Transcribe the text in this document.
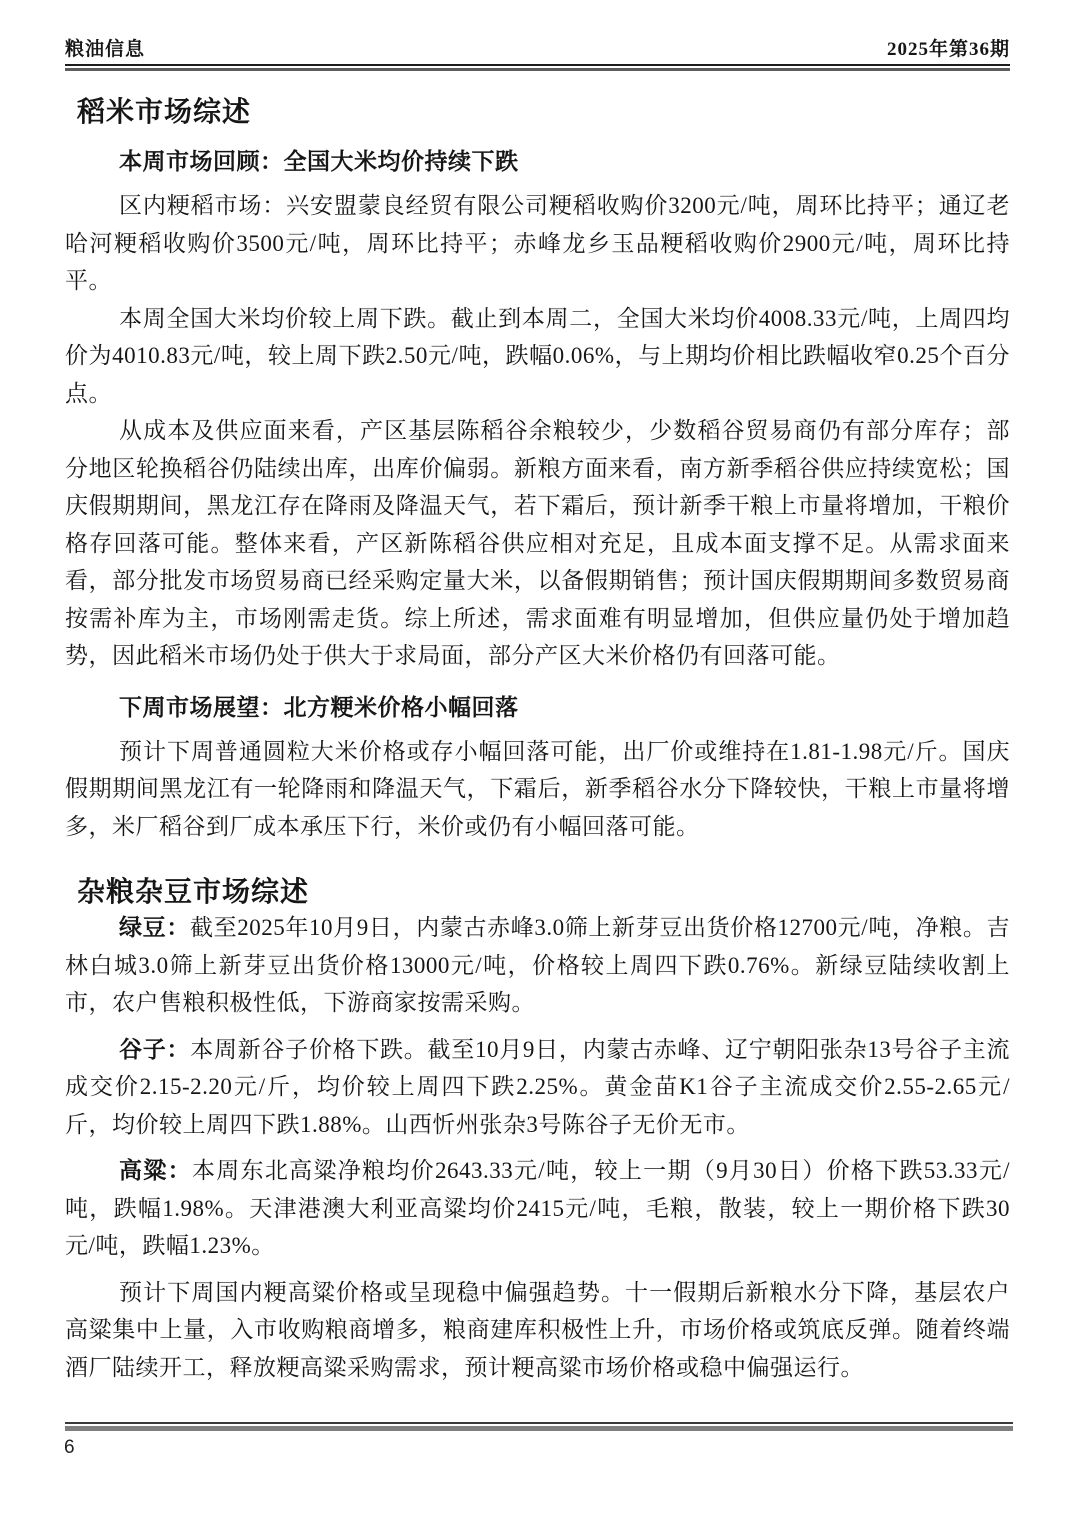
粮油信息	2025年第36期
稻米市场综述
本周市场回顾：全国大米均价持续下跌

区内粳稻市场：兴安盟蒙良经贸有限公司粳稻收购价3200元/吨，周环比持平；通辽老哈河粳稻收购价3500元/吨，周环比持平；赤峰龙乡玉品粳稻收购价2900元/吨，周环比持平。

本周全国大米均价较上周下跌。截止到本周二，全国大米均价4008.33元/吨，上周四均价为4010.83元/吨，较上周下跌2.50元/吨，跌幅0.06%，与上期均价相比跌幅收窄0.25个百分点。

从成本及供应面来看，产区基层陈稻谷余粮较少，少数稻谷贸易商仍有部分库存；部分地区轮换稻谷仍陆续出库，出库价偏弱。新粮方面来看，南方新季稻谷供应持续宽松；国庆假期期间，黑龙江存在降雨及降温天气，若下霜后，预计新季干粮上市量将增加，干粮价格存回落可能。整体来看，产区新陈稻谷供应相对充足，且成本面支撑不足。从需求面来看，部分批发市场贸易商已经采购定量大米，以备假期销售；预计国庆假期期间多数贸易商按需补库为主，市场刚需走货。综上所述，需求面难有明显增加，但供应量仍处于增加趋势，因此稻米市场仍处于供大于求局面，部分产区大米价格仍有回落可能。

下周市场展望：北方粳米价格小幅回落

预计下周普通圆粒大米价格或存小幅回落可能，出厂价或维持在1.81-1.98元/斤。国庆假期期间黑龙江有一轮降雨和降温天气，下霜后，新季稻谷水分下降较快，干粮上市量将增多，米厂稻谷到厂成本承压下行，米价或仍有小幅回落可能。

杂粮杂豆市场综述

绿豆：截至2025年10月9日，内蒙古赤峰3.0筛上新芽豆出货价格12700元/吨，净粮。吉林白城3.0筛上新芽豆出货价格13000元/吨，价格较上周四下跌0.76%。新绿豆陆续收割上市，农户售粮积极性低，下游商家按需采购。

谷子：本周新谷子价格下跌。截至10月9日，内蒙古赤峰、辽宁朝阳张杂13号谷子主流成交价2.15-2.20元/斤，均价较上周四下跌2.25%。黄金苗K1谷子主流成交价2.55-2.65元/斤，均价较上周四下跌1.88%。山西忻州张杂3号陈谷子无价无市。

高粱：本周东北高粱净粮均价2643.33元/吨，较上一期（9月30日）价格下跌53.33元/吨，跌幅1.98%。天津港澳大利亚高粱均价2415元/吨，毛粮，散装，较上一期价格下跌30元/吨，跌幅1.23%。

预计下周国内粳高粱价格或呈现稳中偏强趋势。十一假期后新粮水分下降，基层农户高粱集中上量，入市收购粮商增多，粮商建库积极性上升，市场价格或筑底反弹。随着终端酒厂陆续开工，释放粳高粱采购需求，预计粳高粱市场价格或稳中偏强运行。

6
